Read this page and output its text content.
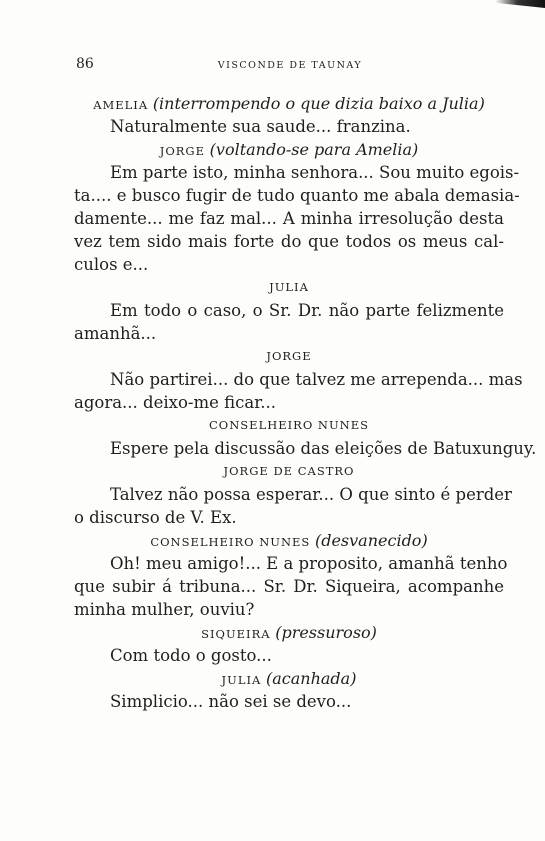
86	VISCONDE DE TAUNAY

AMELIA (interrompendo o que dizia baixo a Julia)

Naturalmente sua saude... franzina.

JORGE (voltando-se para Amelia)

Em parte isto, minha senhora... Sou muito egois-

ta.... e busco fugir de tudo quanto me abala demasia-

damente... me faz mal... A minha irresolução desta

vez tem sido mais forte do que todos os meus cal-

culos e...

JULIA

Em todo o caso, o Sr. Dr. não parte felizmente

amanhã...

JORGE

Não partirei... do que talvez me arrependa... mas

agora... deixo-me ficar...

CONSELHEIRO NUNES

Espere pela discussão das eleições de Batuxunguy.

JORGE DE CASTRO

Talvez não possa esperar... O que sinto é perder

o discurso de V. Ex.

CONSELHEIRO NUNES (desvanecido)

Oh! meu amigo!... E a proposito, amanhã tenho

que subir á tribuna... Sr. Dr. Siqueira, acompanhe

minha mulher, ouviu?

SIQUEIRA (pressuroso)

Com todo o gosto...

JULIA (acanhada)

Simplicio... não sei se devo...
